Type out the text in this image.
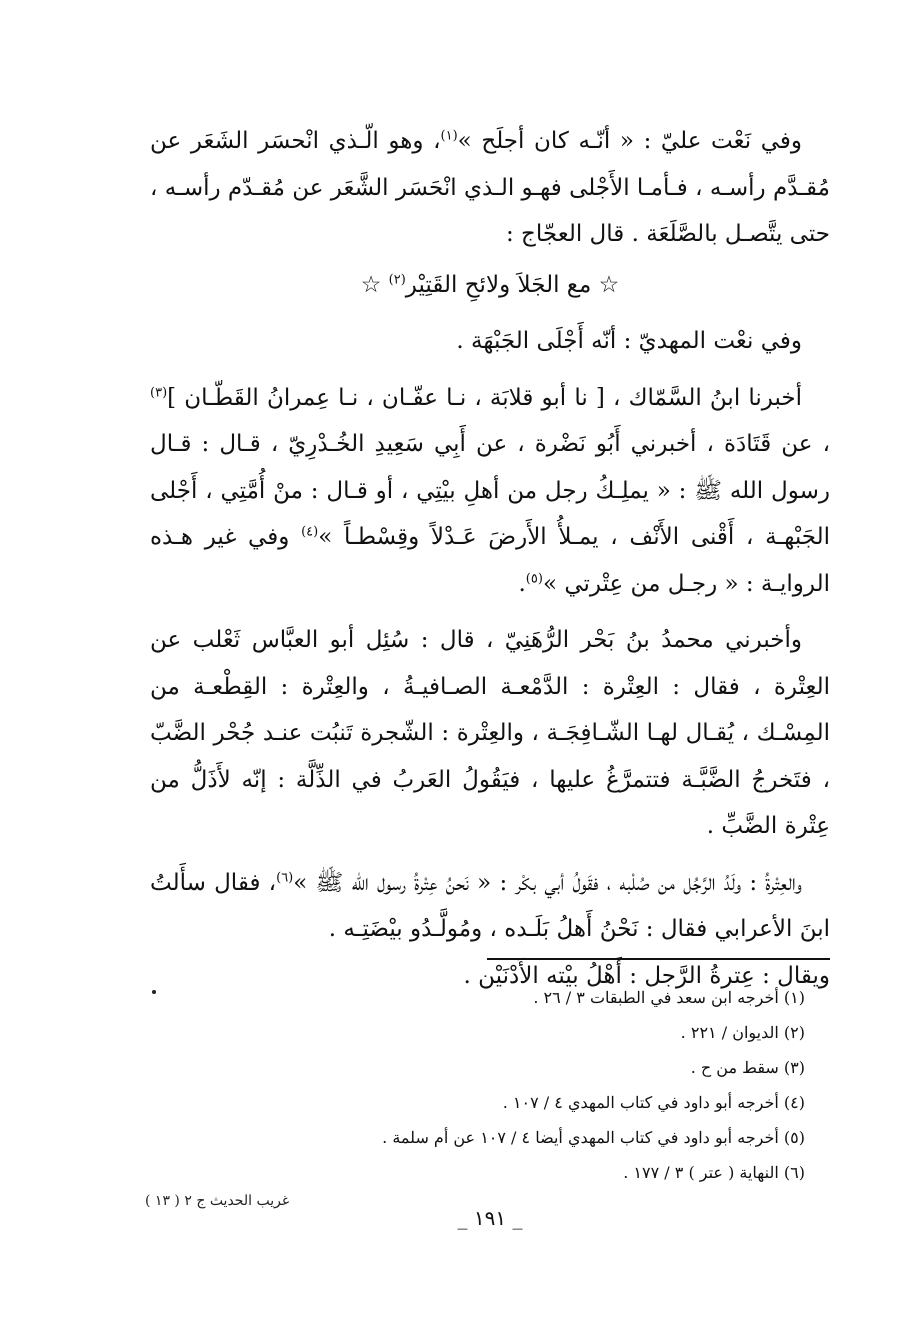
وفي نَعْت عليّ : « أنّـه كان أجلَح »$^{(١)}$، وهو الّـذي انْحسَر الشَعَر عن مُقـدَّم رأسـه ، فـأمـا الأَجْلى فهـو الـذي انْحَسَر الشَّعَر عن مُقـدّم رأسـه ، حتى يتَّصـل بالصَّلَعَة . قال العجّاج :

☆ مع الجَلاَ ولائحِ القَتِيْر$^{(٢)}$ ☆

وفي نعْت المهديّ : أنّه أَجْلَى الجَبْهَة .

أخبرنا ابنُ السَّمّاك ، [ نا أبو قلابَة ، نـا عفّـان ، نـا عِمرانُ القَطّـان ]$^{(٣)}$ ، عن قَتَادَة ، أخبرني أَبُو نَضْرة ، عن أَبِي سَعِيدِ الخُـدْرِيّ ، قـال : قـال رسول الله ﷺ : « يملِـكُ رجل من أهلِ بيْتِي ، أو قـال : منْ أُمَّتِي ، أَجْلى الجَبْهـة ، أَقْنى الأَنْف ، يمـلأُ الأَرضَ عَـدْلاً وقِسْطـاً »$^{(٤)}$ وفي غير هـذه الروايـة : « رجـل من عِتْرتي »$^{(٥)}$.

وأخبرني محمدُ بنُ بَحْر الرُّهَنِيّ ، قال : سُئِل أبو العبَّاس ثَعْلب عن العِتْرة ، فقال : العِتْرة : الدَّمْعـة الصـافيـةُ ، والعِتْرة : القِطْعـة من المِسْـك ، يُقـال لهـا الشّـافِجَـة ، والعِتْرة : الشّجرة تَنبُت عنـد جُحْر الضَّبّ ، فتَخرجُ الضَّبَّـة فتتمرَّغُ عليها ، فيَقُولُ العَربُ في الذِّلَّة : إنّه لأَذَلُّ من عِتْرة الضَّبِّ .

والعِتْرةُ : ولَدُ الرَّجُل من صُلْبه ، فقَولُ أبي بكْر : « نَحنُ عِتْرةُ رسول الله ﷺ »$^{(٦)}$، فقال سأَلتُ ابنَ الأعرابي فقال : نَحْنُ أَهلُ بَلَـده ، ومُولَّـدُو بيْضَتِـه .

ويقال : عِترةُ الرَّجل : أَهْلُ بيْته الأَدْنَيْن .

(١) أخرجه ابن سعد في الطبقات ٣ / ٢٦ .
(٢) الديوان / ٢٢١ .
(٣) سقط من ح .
(٤) أخرجه أبو داود في كتاب المهدي ٤ / ١٠٧ .
(٥) أخرجه أبو داود في كتاب المهدي أيضا ٤ / ١٠٧ عن أم سلمة .
(٦) النهاية ( عتر ) ٣ / ١٧٧ .
غريب الحديث ج ٢ ( ١٣ )
_ ١٩١ _
